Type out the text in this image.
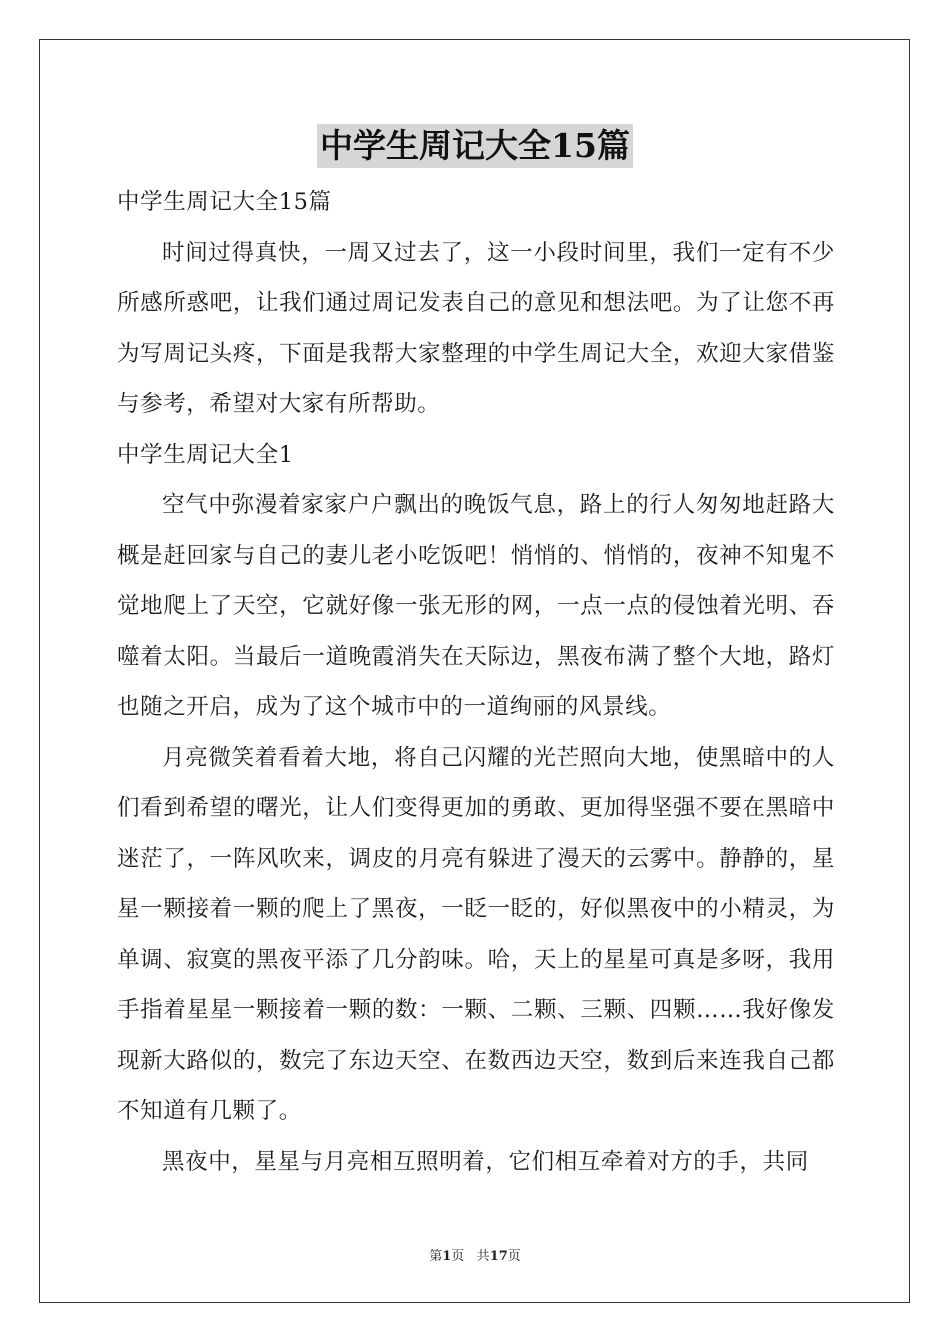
中学生周记大全15篇

中学生周记大全15篇

时间过得真快，一周又过去了，这一小段时间里，我们一定有不少所感所惑吧，让我们通过周记发表自己的意见和想法吧。为了让您不再为写周记头疼，下面是我帮大家整理的中学生周记大全，欢迎大家借鉴与参考，希望对大家有所帮助。

中学生周记大全1

空气中弥漫着家家户户飘出的晚饭气息，路上的行人匆匆地赶路大概是赶回家与自己的妻儿老小吃饭吧！悄悄的、悄悄的，夜神不知鬼不觉地爬上了天空，它就好像一张无形的网，一点一点的侵蚀着光明、吞噬着太阳。当最后一道晚霞消失在天际边，黑夜布满了整个大地，路灯也随之开启，成为了这个城市中的一道绚丽的风景线。

月亮微笑着看着大地，将自己闪耀的光芒照向大地，使黑暗中的人们看到希望的曙光，让人们变得更加的勇敢、更加得坚强不要在黑暗中迷茫了，一阵风吹来，调皮的月亮有躲进了漫天的云雾中。静静的，星星一颗接着一颗的爬上了黑夜，一眨一眨的，好似黑夜中的小精灵，为单调、寂寞的黑夜平添了几分韵味。哈，天上的星星可真是多呀，我用手指着星星一颗接着一颗的数：一颗、二颗、三颗、四颗……我好像发现新大路似的，数完了东边天空、在数西边天空，数到后来连我自己都不知道有几颗了。

黑夜中，星星与月亮相互照明着，它们相互牵着对方的手，共同

第1页 共17页
